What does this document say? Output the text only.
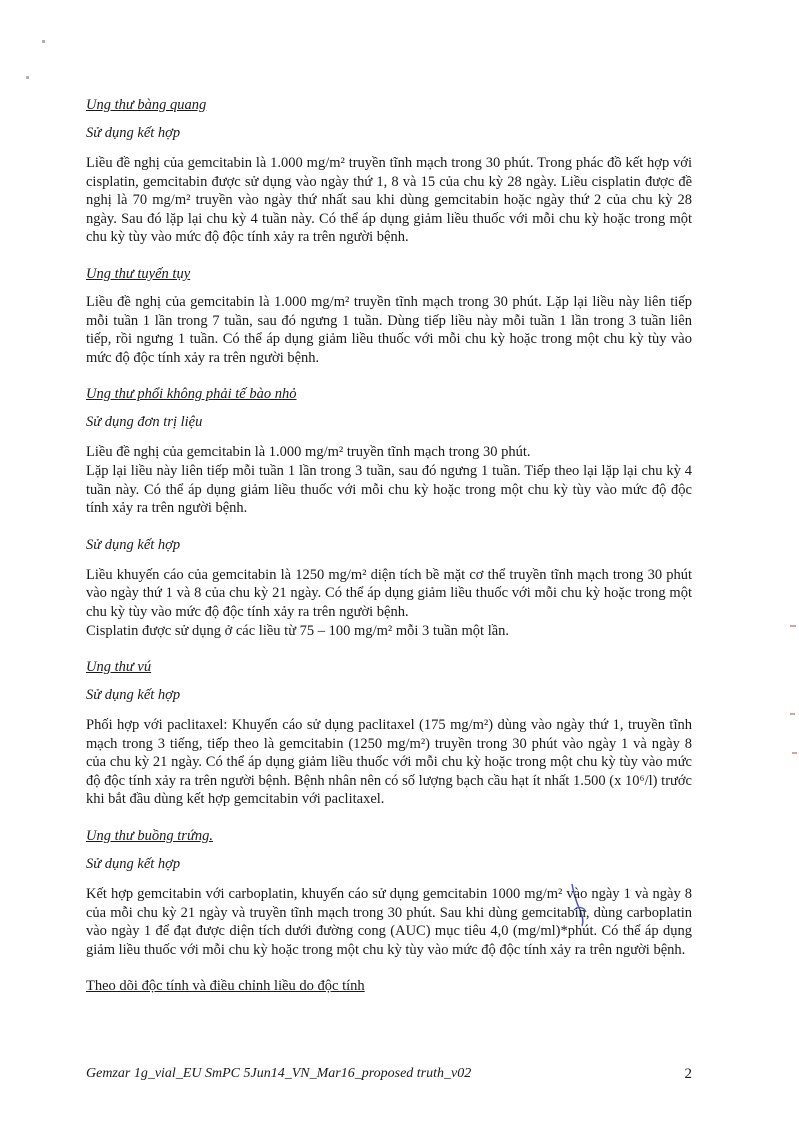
Ung thư bàng quang

Sử dụng kết hợp

Liều đề nghị của gemcitabin là 1.000 mg/m² truyền tĩnh mạch trong 30 phút. Trong phác đồ kết hợp với cisplatin, gemcitabin được sử dụng vào ngày thứ 1, 8 và 15 của chu kỳ 28 ngày. Liều cisplatin được đề nghị là 70 mg/m² truyền vào ngày thứ nhất sau khi dùng gemcitabin hoặc ngày thứ 2 của chu kỳ 28 ngày. Sau đó lặp lại chu kỳ 4 tuần này. Có thể áp dụng giảm liều thuốc với mỗi chu kỳ hoặc trong một chu kỳ tùy vào mức độ độc tính xảy ra trên người bệnh.

Ung thư tuyến tụy

Liều đề nghị của gemcitabin là 1.000 mg/m² truyền tĩnh mạch trong 30 phút. Lặp lại liều này liên tiếp mỗi tuần 1 lần trong 7 tuần, sau đó ngưng 1 tuần. Dùng tiếp liều này mỗi tuần 1 lần trong 3 tuần liên tiếp, rồi ngưng 1 tuần. Có thể áp dụng giảm liều thuốc với mỗi chu kỳ hoặc trong một chu kỳ tùy vào mức độ độc tính xảy ra trên người bệnh.

Ung thư phổi không phải tế bào nhỏ

Sử dụng đơn trị liệu

Liều đề nghị của gemcitabin là 1.000 mg/m² truyền tĩnh mạch trong 30 phút.
Lặp lại liều này liên tiếp mỗi tuần 1 lần trong 3 tuần, sau đó ngưng 1 tuần. Tiếp theo lại lặp lại chu kỳ 4 tuần này. Có thể áp dụng giảm liều thuốc với mỗi chu kỳ hoặc trong một chu kỳ tùy vào mức độ độc tính xảy ra trên người bệnh.

Sử dụng kết hợp

Liều khuyến cáo của gemcitabin là 1250 mg/m² diện tích bề mặt cơ thể truyền tĩnh mạch trong 30 phút vào ngày thứ 1 và 8 của chu kỳ 21 ngày. Có thể áp dụng giảm liều thuốc với mỗi chu kỳ hoặc trong một chu kỳ tùy vào mức độ độc tính xảy ra trên người bệnh.
Cisplatin được sử dụng ở các liều từ 75 – 100 mg/m² mỗi 3 tuần một lần.

Ung thư vú

Sử dụng kết hợp

Phối hợp với paclitaxel: Khuyến cáo sử dụng paclitaxel (175 mg/m²) dùng vào ngày thứ 1, truyền tĩnh mạch trong 3 tiếng, tiếp theo là gemcitabin (1250 mg/m²) truyền trong 30 phút vào ngày 1 và ngày 8 của chu kỳ 21 ngày. Có thể áp dụng giảm liều thuốc với mỗi chu kỳ hoặc trong một chu kỳ tùy vào mức độ độc tính xảy ra trên người bệnh. Bệnh nhân nên có số lượng bạch cầu hạt ít nhất 1.500 (x 10⁶/l) trước khi bắt đầu dùng kết hợp gemcitabin với paclitaxel.

Ung thư buồng trứng.

Sử dụng kết hợp

Kết hợp gemcitabin với carboplatin, khuyến cáo sử dụng gemcitabin 1000 mg/m² vào ngày 1 và ngày 8 của mỗi chu kỳ 21 ngày và truyền tĩnh mạch trong 30 phút. Sau khi dùng gemcitabin, dùng carboplatin vào ngày 1 để đạt được diện tích dưới đường cong (AUC) mục tiêu 4,0 (mg/ml)*phút. Có thể áp dụng giảm liều thuốc với mỗi chu kỳ hoặc trong một chu kỳ tùy vào mức độ độc tính xảy ra trên người bệnh.

Theo dõi độc tính và điều chỉnh liều do độc tính

Gemzar 1g_vial_EU SmPC 5Jun14_VN_Mar16_proposed truth_v02	2
